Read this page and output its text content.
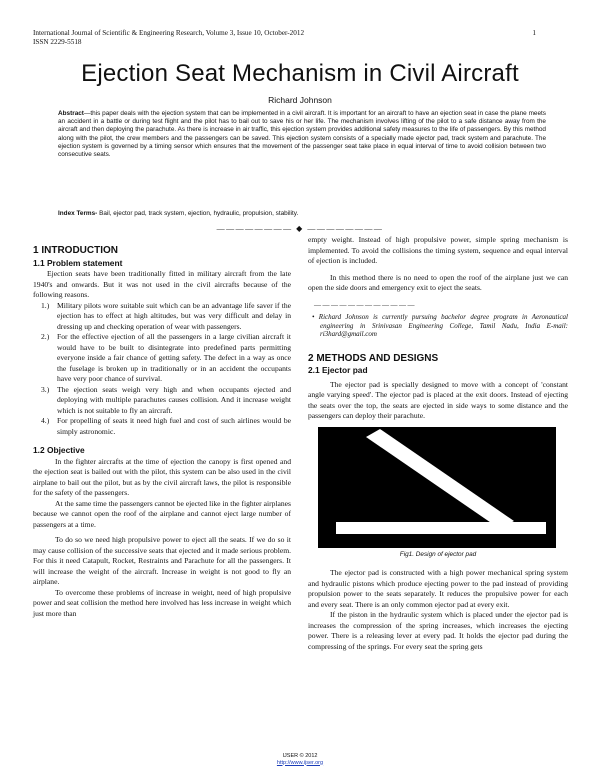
International Journal of Scientific & Engineering Research, Volume 3, Issue 10, October-2012
ISSN 2229-5518
1
Ejection Seat Mechanism in Civil Aircraft
Richard Johnson
Abstract—this paper deals with the ejection system that can be implemented in a civil aircraft. It is important for an aircraft to have an ejection seat in case the plane meets an accident in a battle or during test flight and the pilot has to bail out to save his or her life. The mechanism involves lifting of the pilot to a safe distance away from the aircraft and then deploying the parachute. As there is increase in air traffic, this ejection system provides additional safety measures to the life of passengers. By this method along with the pilot, the crew members and the passengers can be saved. This ejection system consists of a specially made ejector pad, track system and parachute. The ejection system is governed by a timing sensor which ensures that the movement of the passenger seat take place in equal interval of time to avoid collision between two consecutive seats.
Index Terms- Bail, ejector pad, track system, ejection, hydraulic, propulsion, stability.
———————— ◆ ————————
1 INTRODUCTION
1.1 Problem statement

Ejection seats have been traditionally fitted in military aircraft from the late 1940's and onwards. But it was not used in the civil aircrafts because of the following reasons.

1.) Military pilots wore suitable suit which can be an advantage life saver if the ejection has to effect at high altitudes, but was very difficult and delay in dressing up and checking operation of wear with passengers.
2.) For the effective ejection of all the passengers in a large civilian aircraft it would have to be built to disintegrate into predefined parts permitting everyone inside a fair chance of getting safety. The defect in a way as once the fuselage is broken up in traditionally or in an accident the occupants have very poor chance of survival.
3.) The ejection seats weigh very high and when occupants ejected and deploying with multiple parachutes causes collision. And it increase weight which is not suitable to fly an aircraft.
4.) For propelling of seats it need high fuel and cost of such airlines would be simply astronomic.
1.2 Objective

In the fighter aircrafts at the time of ejection the canopy is first opened and the ejection seat is bailed out with the pilot, this system can be also used in the civil airplane to bail out the pilot, but as by the civil aircraft laws, the pilot is responsible for the safety of the passengers.

At the same time the passengers cannot be ejected like in the fighter airplanes because we cannot open the roof of the airplane and cannot eject large number of passengers at a time.

To do so we need high propulsive power to eject all the seats. If we do so it may cause collision of the successive seats that ejected and it made serious problem. For this it need Catapult, Rocket, Restraints and Parachute for all the passengers. It will increase the weight of the aircraft. Increase in weight is not good to fly an airplane.

To overcome these problems of increase in weight, need of high propulsive power and seat collision the method here involved has less increase in weight which just more than

empty weight. Instead of high propulsive power, simple spring mechanism is implemented. To avoid the collisions the timing system, sequence and equal interval of ejection is included.

In this method there is no need to open the roof of the airplane just we can open the side doors and emergency exit to eject the seats.

————————————

• Richard Johnson is currently pursuing bachelor degree program in Aeronautical engineering in Srinivasan Engineering College, Tamil Nadu, India E-mail: ri3hard@gmail.com

2 METHODS AND DESIGNS
2.1 Ejector pad

The ejector pad is specially designed to move with a concept of 'constant angle varying speed'. The ejector pad is placed at the exit doors. Instead of ejecting the seats over the top, the seats are ejected in side ways to some distance and the passengers can deploy their parachute.

Fig1. Design of ejector pad

The ejector pad is constructed with a high power mechanical spring system and hydraulic pistons which produce ejecting power to the pad instead of providing propulsion power to the seats separately. It reduces the propulsive power for each and every seat. There is an only common ejector pad at every exit.

If the piston in the hydraulic system which is placed under the ejector pad is increases the compression of the spring increases, which increases the ejecting power. There is a releasing lever at every pad. It holds the ejector pad during the compressing of the springs. For every seat the spring gets

IJSER © 2012
http://www.ijser.org
